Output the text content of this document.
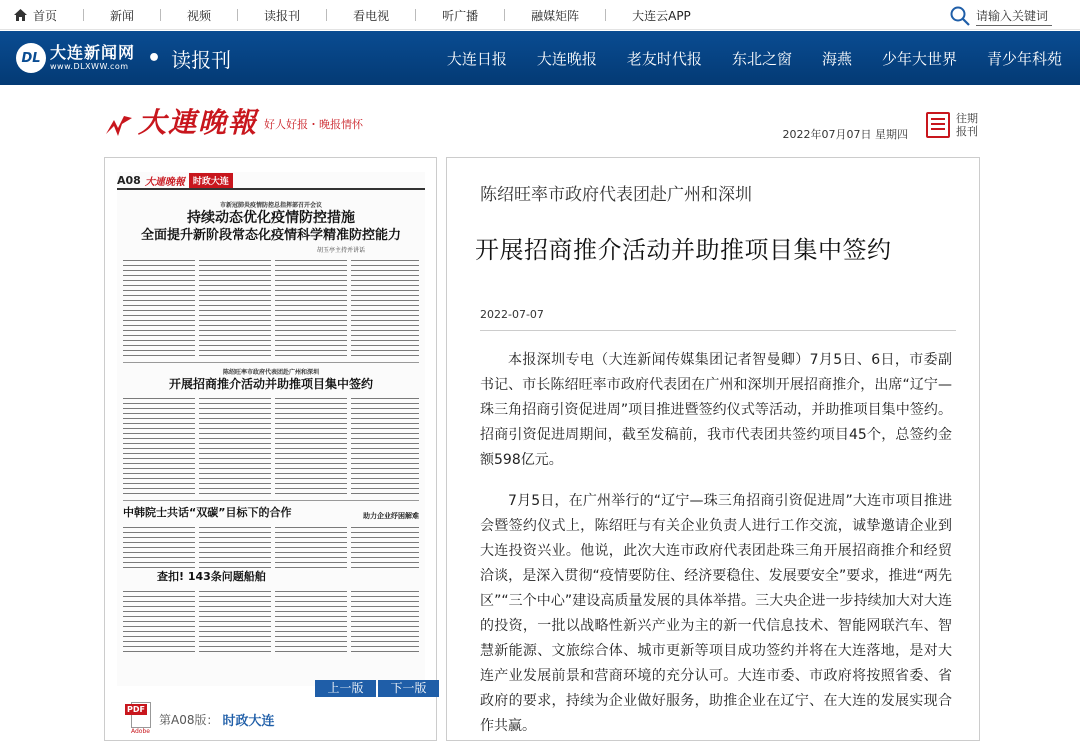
首页	新闻	视频	读报刊	看电视	听广播	融媒矩阵	大连云APP
请输入关键词
DL 大连新闻网
www.DLXWW.com • 读报刊	大连日报 大连晚报 老友时代报 东北之窗 海燕 少年大世界 青少年科苑
大連晚報 好人好报・晚报情怀
2022年07月07日 星期四
往期报刊
A08 大連晚報 时政大连
市新冠肺炎疫情防控总指挥部召开会议
持续动态优化疫情防控措施
全面提升新阶段常态化疫情科学精准防控能力
胡玉亭主持并讲话
陈绍旺率市政府代表团赴广州和深圳
开展招商推介活动并助推项目集中签约
中韩院士共话“双碳”目标下的合作	助力企业纾困解难
查扣! 143条问题船舶
上一版	下一版
PDF
Adobe
第A08版： 时政大连
陈绍旺率市政府代表团赴广州和深圳
开展招商推介活动并助推项目集中签约
2022-07-07

本报深圳专电（大连新闻传媒集团记者智曼卿）7月5日、6日，市委副书记、市长陈绍旺率市政府代表团在广州和深圳开展招商推介，出席“辽宁—珠三角招商引资促进周”项目推进暨签约仪式等活动，并助推项目集中签约。招商引资促进周期间，截至发稿前，我市代表团共签约项目45个，总签约金额598亿元。

7月5日，在广州举行的“辽宁—珠三角招商引资促进周”大连市项目推进会暨签约仪式上，陈绍旺与有关企业负责人进行工作交流，诚挚邀请企业到大连投资兴业。他说，此次大连市政府代表团赴珠三角开展招商推介和经贸洽谈，是深入贯彻“疫情要防住、经济要稳住、发展要安全”要求，推进“两先区”“三个中心”建设高质量发展的具体举措。三大央企进一步持续加大对大连的投资，一批以战略性新兴产业为主的新一代信息技术、智能网联汽车、智慧新能源、文旅综合体、城市更新等项目成功签约并将在大连落地，是对大连产业发展前景和营商环境的充分认可。大连市委、市政府将按照省委、省政府的要求，持续为企业做好服务，助推企业在辽宁、在大连的发展实现合作共赢。
